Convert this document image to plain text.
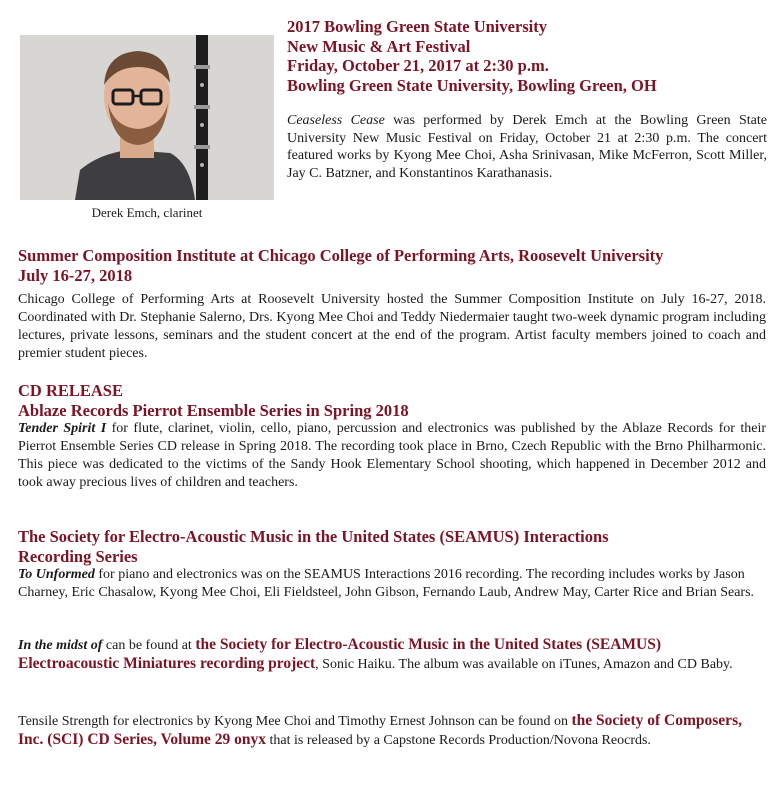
Derek Emch, clarinet
2017 Bowling Green State University
New Music & Art Festival
Friday, October 21, 2017 at 2:30 p.m.
Bowling Green State University, Bowling Green, OH
Ceaseless Cease was performed by Derek Emch at the Bowling Green State University New Music Festival on Friday, October 21 at 2:30 p.m. The concert featured works by Kyong Mee Choi, Asha Srinivasan, Mike McFerron, Scott Miller, Jay C. Batzner, and Konstantinos Karathanasis.
Summer Composition Institute at Chicago College of Performing Arts, Roosevelt University
July 16-27, 2018
Chicago College of Performing Arts at Roosevelt University hosted the Summer Composition Institute on July 16-27, 2018. Coordinated with Dr. Stephanie Salerno, Drs. Kyong Mee Choi and Teddy Niedermaier taught two-week dynamic program including lectures, private lessons, seminars and the student concert at the end of the program. Artist faculty members joined to coach and premier student pieces.
CD RELEASE
Ablaze Records Pierrot Ensemble Series in Spring 2018
Tender Spirit I for flute, clarinet, violin, cello, piano, percussion and electronics was published by the Ablaze Records for their Pierrot Ensemble Series CD release in Spring 2018. The recording took place in Brno, Czech Republic with the Brno Philharmonic. This piece was dedicated to the victims of the Sandy Hook Elementary School shooting, which happened in December 2012 and took away precious lives of children and teachers.
The Society for Electro-Acoustic Music in the United States (SEAMUS) Interactions
Recording Series
To Unformed for piano and electronics was on the SEAMUS Interactions 2016 recording. The recording includes works by Jason Charney, Eric Chasalow, Kyong Mee Choi, Eli Fieldsteel, John Gibson, Fernando Laub, Andrew May, Carter Rice and Brian Sears.
In the midst of can be found at the Society for Electro-Acoustic Music in the United States (SEAMUS) Electroacoustic Miniatures recording project, Sonic Haiku. The album was available on iTunes, Amazon and CD Baby.
Tensile Strength for electronics by Kyong Mee Choi and Timothy Ernest Johnson can be found on the Society of Composers, Inc. (SCI) CD Series, Volume 29 onyx that is released by a Capstone Records Production/Novona Reocrds.
